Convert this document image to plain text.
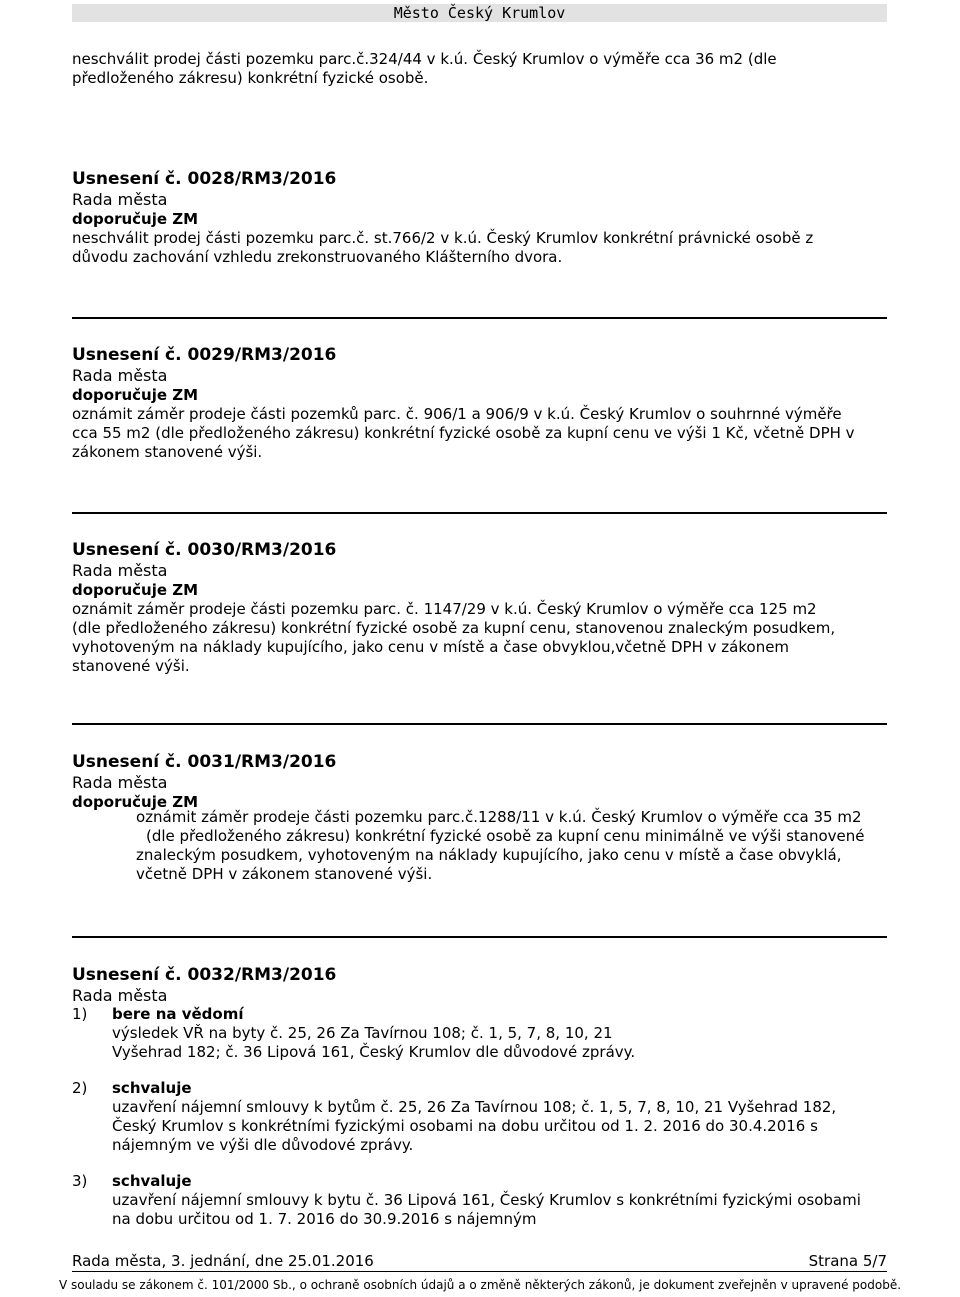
Město Český Krumlov
neschválit prodej části pozemku parc.č.324/44 v k.ú. Český Krumlov o výměře cca 36 m2 (dle
předloženého zákresu) konkrétní fyzické osobě.
Usnesení č. 0028/RM3/2016
Rada města
doporučuje ZM
neschválit prodej části pozemku parc.č. st.766/2 v k.ú. Český Krumlov konkrétní právnické osobě z
důvodu zachování vzhledu zrekonstruovaného Klášterního dvora.
Usnesení č. 0029/RM3/2016
Rada města
doporučuje ZM
oznámit záměr prodeje části pozemků parc. č. 906/1 a 906/9 v k.ú. Český Krumlov o souhrnné výměře
cca 55 m2 (dle předloženého zákresu) konkrétní fyzické osobě za kupní cenu ve výši 1 Kč, včetně DPH v
zákonem stanovené výši.
Usnesení č. 0030/RM3/2016
Rada města
doporučuje ZM
oznámit záměr prodeje části pozemku parc. č. 1147/29 v k.ú. Český Krumlov o výměře cca 125 m2
(dle předloženého zákresu) konkrétní fyzické osobě za kupní cenu, stanovenou znaleckým posudkem,
vyhotoveným na náklady kupujícího, jako cenu v místě a čase obvyklou,včetně DPH v zákonem
stanovené výši.
Usnesení č. 0031/RM3/2016
Rada města
doporučuje ZM
oznámit záměr prodeje části pozemku parc.č.1288/11 v k.ú. Český Krumlov o výměře cca 35 m2
(dle předloženého zákresu) konkrétní fyzické osobě za kupní cenu minimálně ve výši stanovené
znaleckým posudkem, vyhotoveným na náklady kupujícího, jako cenu v místě a čase obvyklá,
včetně DPH v zákonem stanovené výši.
Usnesení č. 0032/RM3/2016
Rada města
1) bere na vědomí
výsledek VŘ na byty č. 25, 26 Za Tavírnou 108; č. 1, 5, 7, 8, 10, 21
Vyšehrad 182; č. 36 Lipová 161, Český Krumlov dle důvodové zprávy.
2) schvaluje
uzavření nájemní smlouvy k bytům č. 25, 26 Za Tavírnou 108; č. 1, 5, 7, 8, 10, 21 Vyšehrad 182,
Český Krumlov s konkrétními fyzickými osobami na dobu určitou od 1. 2. 2016 do 30.4.2016 s
nájemným ve výši dle důvodové zprávy.
3) schvaluje
uzavření nájemní smlouvy k bytu č. 36 Lipová 161, Český Krumlov s konkrétními fyzickými osobami
na dobu určitou od 1. 7. 2016 do 30.9.2016 s nájemným
Rada města, 3. jednání, dne 25.01.2016	Strana 5/7
V souladu se zákonem č. 101/2000 Sb., o ochraně osobních údajů a o změně některých zákonů, je dokument zveřejněn v upravené podobě.
